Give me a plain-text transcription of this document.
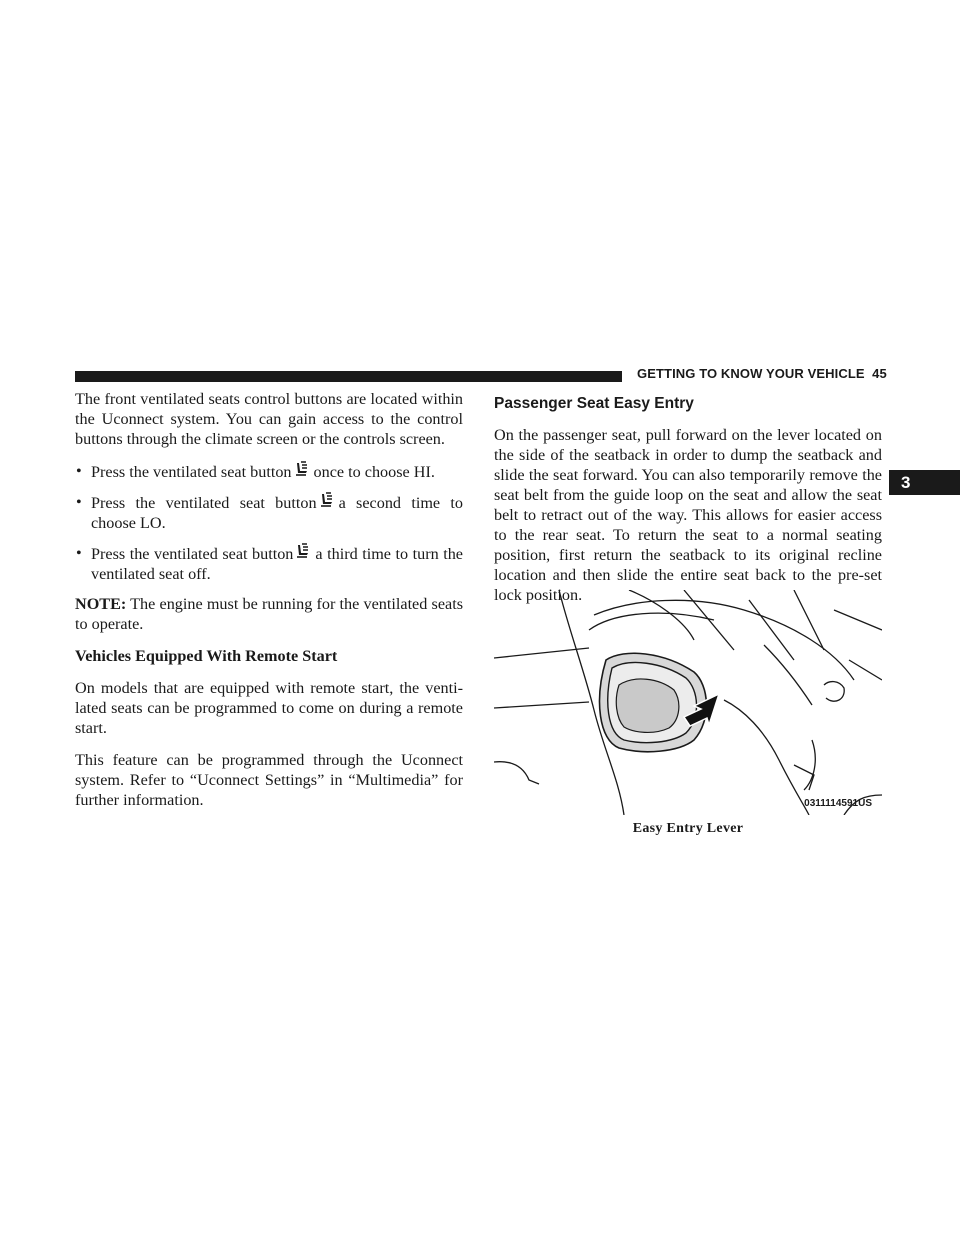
GETTING TO KNOW YOUR VEHICLE 45
3

The front ventilated seats control buttons are located within the Uconnect system. You can gain access to the control buttons through the climate screen or the controls screen.

• Press the ventilated seat button once to choose HI.
• Press the ventilated seat button a second time to choose LO.
• Press the ventilated seat button a third time to turn the ventilated seat off.

NOTE: The engine must be running for the ventilated seats to operate.

Vehicles Equipped With Remote Start

On models that are equipped with remote start, the ventilated seats can be programmed to come on during a remote start.

This feature can be programmed through the Uconnect system. Refer to “Uconnect Settings” in “Multimedia” for further information.

Passenger Seat Easy Entry

On the passenger seat, pull forward on the lever located on the side of the seatback in order to dump the seatback and slide the seat forward. You can also temporarily remove the seat belt from the guide loop on the seat and allow the seat belt to retract out of the way. This allows for easier access to the rear seat. To return the seat to a normal seating position, first return the seatback to its original recline location and then slide the entire seat back to the pre-set lock position.

0311114591US
Easy Entry Lever
